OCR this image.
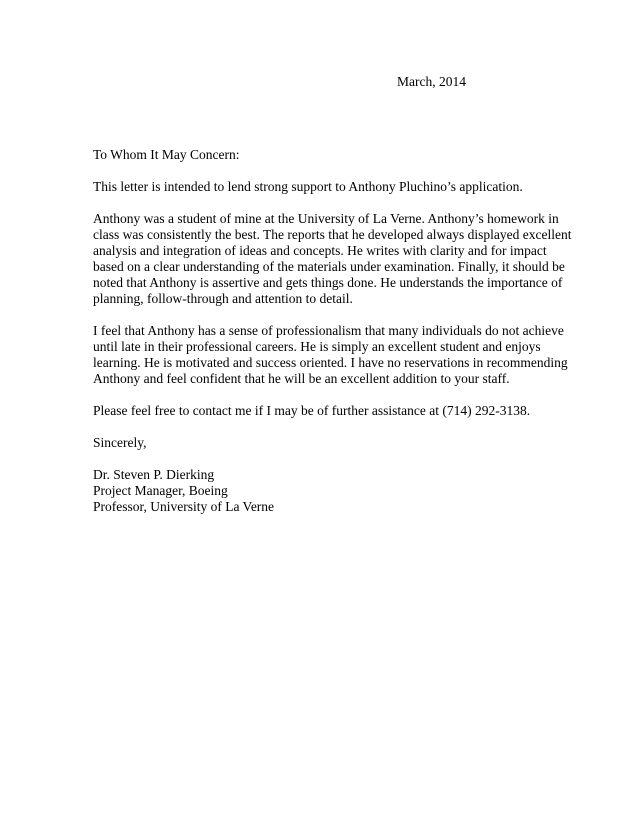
March, 2014

To Whom It May Concern:

This letter is intended to lend strong support to Anthony Pluchino’s application.

Anthony was a student of mine at the University of La Verne. Anthony’s homework in
class was consistently the best. The reports that he developed always displayed excellent
analysis and integration of ideas and concepts. He writes with clarity and for impact
based on a clear understanding of the materials under examination. Finally, it should be
noted that Anthony is assertive and gets things done. He understands the importance of
planning, follow-through and attention to detail.

I feel that Anthony has a sense of professionalism that many individuals do not achieve
until late in their professional careers. He is simply an excellent student and enjoys
learning. He is motivated and success oriented. I have no reservations in recommending
Anthony and feel confident that he will be an excellent addition to your staff.

Please feel free to contact me if I may be of further assistance at (714) 292-3138.

Sincerely,

Dr. Steven P. Dierking
Project Manager, Boeing
Professor, University of La Verne
